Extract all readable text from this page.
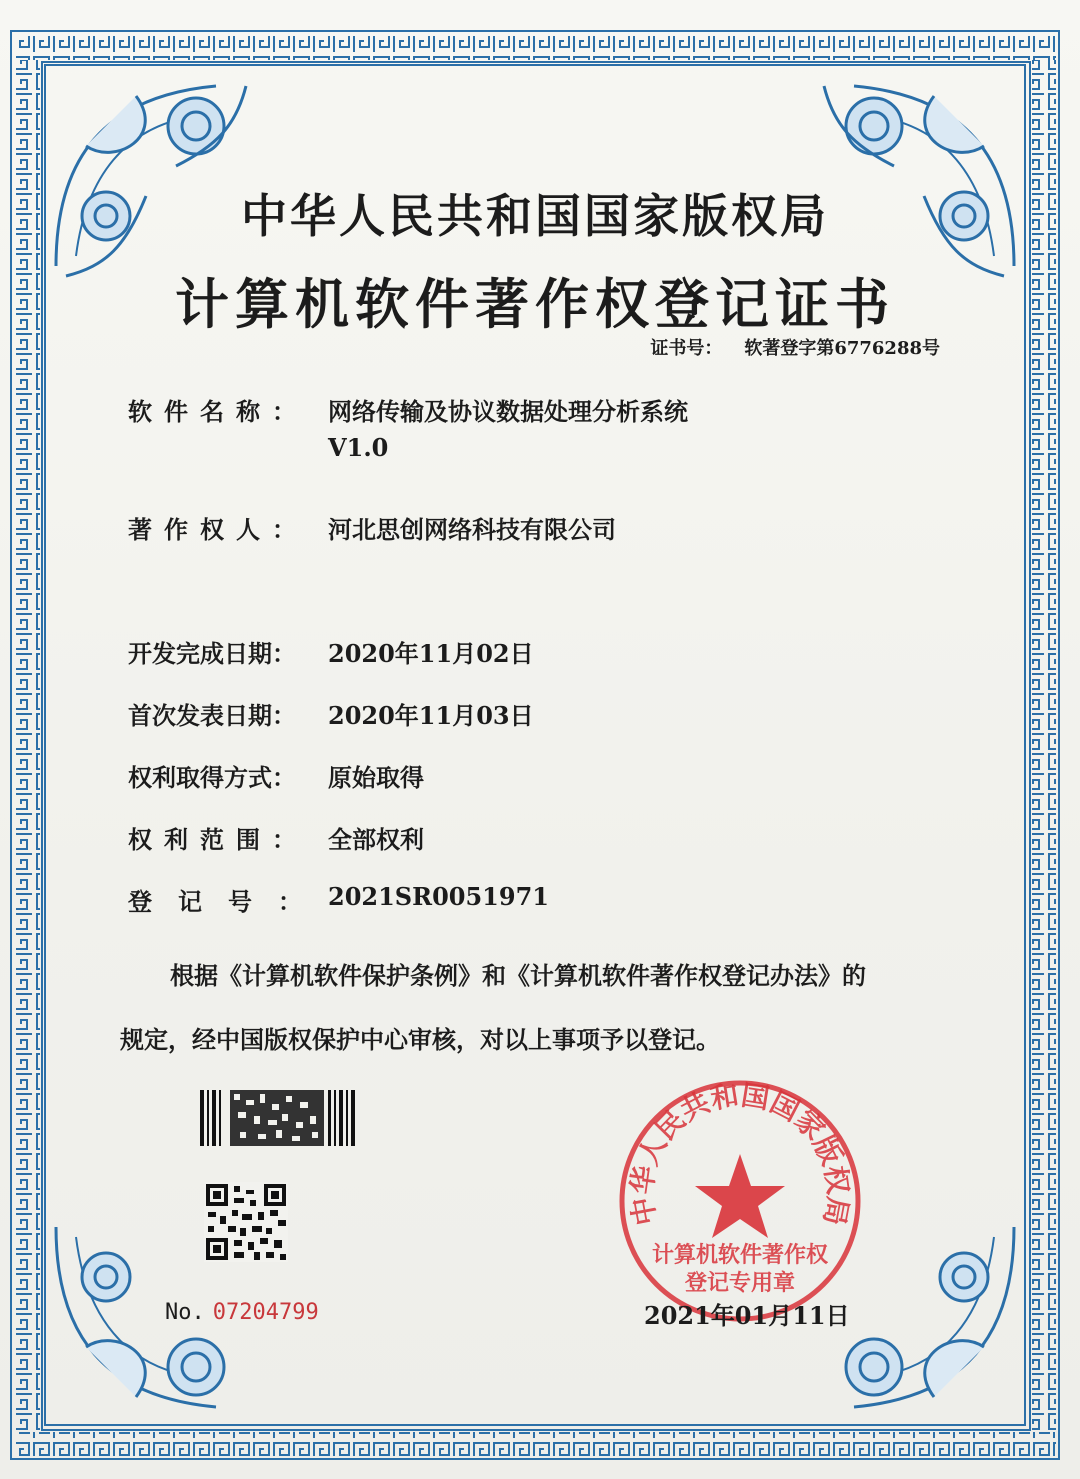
中华人民共和国国家版权局
计算机软件著作权登记证书
证书号： 软著登字第6776288号
软件名称： 网络传输及协议数据处理分析系统
V1.0
著作权人： 河北思创网络科技有限公司
开发完成日期： 2020年11月02日
首次发表日期： 2020年11月03日
权利取得方式： 原始取得
权利范围： 全部权利
登记号：2021SR0051971
根据《计算机软件保护条例》和《计算机软件著作权登记办法》的
规定，经中国版权保护中心审核，对以上事项予以登记。
No. 07204799
中华人民共和国国家版权局
计算机软件著作权
登记专用章
2021年01月11日
